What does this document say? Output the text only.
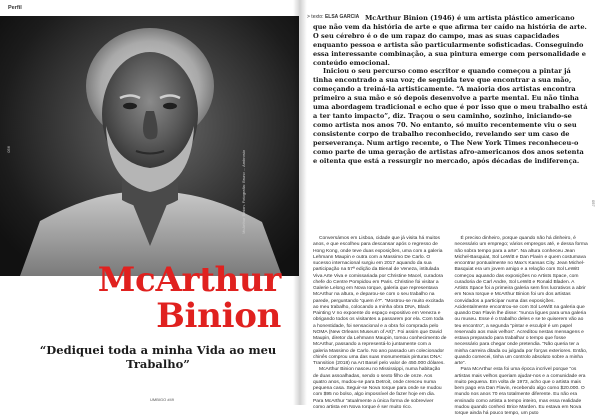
Perfil
McArthur Binion. Fotografia: Bruno ... Ambrosio
056
McArthur
Binion
“Dediquei toda a minha Vida ao meu Trabalho”
UMBIGO #49
> texto: ELSA GARCIA McArthur Binion (1946) é um artista plástico americano que não vem da história de arte e que afirma ter caído na história de arte. O seu cérebro é o de um rapaz do campo, mas as suas capacidades enquanto pessoa e artista são particularmente sofisticadas. Conseguindo essa interessante combinação, a sua pintura emerge com personalidade e conteúdo emocional.

Iniciou o seu percurso como escritor e quando começou a pintar já tinha encontrado a sua voz; de seguida teve que encontrar a sua mão, começando a treiná-la artisticamente. “A maioria dos artistas encontra primeiro a sua mão e só depois desenvolve a parte mental. Eu não tinha uma abordagem tradicional e echo que é por isso que o meu trabalho está a ter tanto impacto”, diz. Traçou o seu caminho, sozinho, iniciando-se como artista nos anos 70. No entanto, só muito recentemente viu o seu consistente corpo de trabalho reconhecido, revelando ser um caso de perseverança. Num artigo recente, o The New York Times reconheceu-o como parte de uma geração de artistas afro-americanos dos anos setenta e oitenta que está a ressurgir no mercado, após décadas de indiferença.

Conversámos em Lisboa, cidade que já visita há muitos anos, e que escolheu para descansar após o regresso de Hong Kong, onde teve duas exposições, uma com a galeria Lehmann Maupin e outra com a Massimo De Carlo. O sucesso internacional surgiu em 2017 aquando da sua participação na 57ª edição da Bienal de Veneza, intitulada Viva Arte Viva e comissariada por Christine Macel, curadora chefe do Centre Pompidou em Paris. Christine foi visitar a Galerie Lelong em Nova Iorque, galeria que representava McArthur na altura, e deparou-se com o seu trabalho na parede, perguntando “quem é?”. “Mostrou-se muito excitada ao meu trabalho, colocando a minha obra DNA, Black Painting V no expoente do espaço expositivo em Veneza e obrigando todos os visitantes a passarem por ela. Com toda a honestidade, foi sensacional e a obra foi comprada pelo NOMA (New Orleans Museum of Art)”. Foi assim que David Maupin, diretor da Lehmann Maupin, tomou conhecimento de McArthur, passando a representá-lo juntamente com a galeria Massimo de Carlo. No ano passado um colecionador chinês comprou uma das suas monumentais pinturas DNA: Transition (2018) na Art Basel pelo valor de 450.000 dólares.

McArthur Binion nasceu no Mississippi, numa habitação de duas assoalhadas, sendo o sexto filho de onze. Aos quatro anos, mudou-se para Detroit, onde cresceu numa pequena casa. Seguir-se Nova Iorque para onde se mudou com $95 no bolso, algo impossível de fazer hoje em dia. Para McArthur “atualmente a única forma de sobreviver como artista em Nova Iorque é ser muito rico.

É preciso dinheiro, porque quando não há dinheiro, é necessário um emprego; vários empregos até, e dessa forma não sobra tempo para a arte”. Na altura conheceu Jean Michel-Basquiat, Sol LeWitt e Dan Flavin e quem costumava encontrar pontualmente no Max’s Kansas City. Jean Michel-Basquiat era um jovem amigo e a relação com Sol LeWitt começou aquando das exposições no Artists Space, com curadoria de Carl Andre, Sol LeWitt e Ronald Bladen. A Artists Space foi a primeira galeria sem fins lucrativos a abrir em Nova Iorque e McArthur Binion foi um dos artistas convidados a participar numa das exposições. Acidentalmente encontrou-se com Sol LeWitt na galeria que quando Dan Flavin lhe disse: “nunca ligues para uma galeria ou museu. Esse é o trabalho deles e se te quiserem vão ao teu encontro”, a segunda “pintar e esculpir é um papel reservado aos mais velhos”. Acreditou nestas mensagens e estava preparado para trabalhar o tempo que fosse necessário para chegar onde pretendia. “Não queria ter a minha carreira ditada ou julgada por forças exteriores. Então, quando comecei, tinha um controlo absoluto sobre a minha arte”.

Para McArthur esta foi uma época incrível porque “os artistas mais velhos queriam ajudar-nos e a comunidade era muito pequena. Em volta de 1973, acho que o artista mais bem pago era Dan Flavin, recebendo algo como $20.000. O mundo nos anos 70 era totalmente diferente. Eu não era ensinado como artista a tempo inteiro, mas essa realidade mudou quando conheci Brice Marden. Eu estava em Nova Iorque ainda há pouco tempo, um puto

057
